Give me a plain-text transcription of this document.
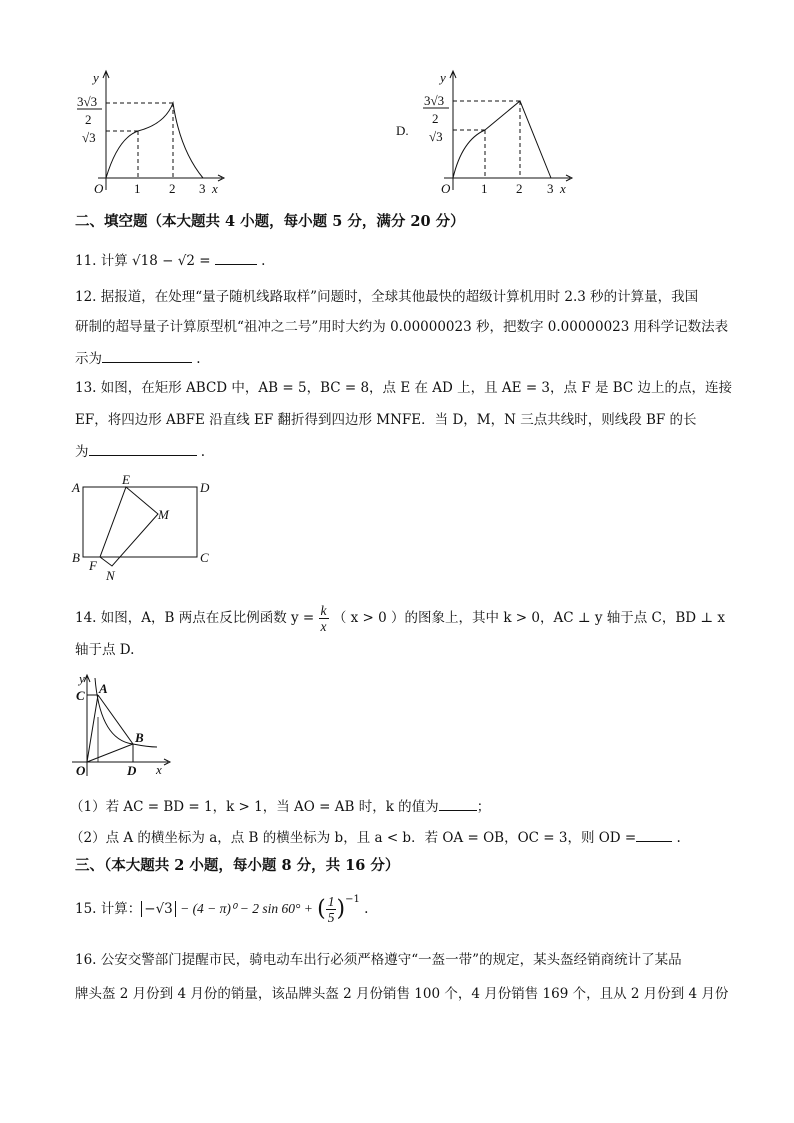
y
3√3
2
√3
O 1 2 3 x
D.
y
3√3
2
√3
O 1 2 3 x
二、填空题（本大题共 4 小题，每小题 5 分，满分 20 分）
11. 计算 √18 − √2 =	.
12. 据报道，在处理“量子随机线路取样”问题时，全球其他最快的超级计算机用时 2.3 秒的计算量，我国
研制的超导量子计算原型机“祖冲之二号”用时大约为 0.00000023 秒，把数字 0.00000023 用科学记数法表
示为	.
13. 如图，在矩形 ABCD 中，AB = 5，BC = 8，点 E 在 AD 上，且 AE = 3，点 F 是 BC 边上的点，连接
EF，将四边形 ABFE 沿直线 EF 翻折得到四边形 MNFE．当 D，M，N 三点共线时，则线段 BF 的长
为	.
A
E
D
M
B	C
F
N
14. 如图，A，B 两点在反比例函数 $y = \frac{k}{x}$ （ x > 0 ）的图象上，其中 k > 0，AC ⊥ y 轴于点 C，BD ⊥ x
轴于点 D.
y
C A
B
O	D x
（1）若 AC = BD = 1，k > 1，当 AO = AB 时，k 的值为	；
（2）点 A 的横坐标为 a，点 B 的横坐标为 b，且 a < b．若 OA = OB，OC = 3，则 OD =	.
三、（本大题共 2 小题，每小题 8 分，共 16 分）
15. 计算： −√3 − (4 − π)⁰ − 2 sin 60° + ( $\frac{1}{5} )^{-1}$ .
16. 公安交警部门提醒市民，骑电动车出行必须严格遵守“一盔一带”的规定，某头盔经销商统计了某品
牌头盔 2 月份到 4 月份的销量，该品牌头盔 2 月份销售 100 个，4 月份销售 169 个，且从 2 月份到 4 月份
